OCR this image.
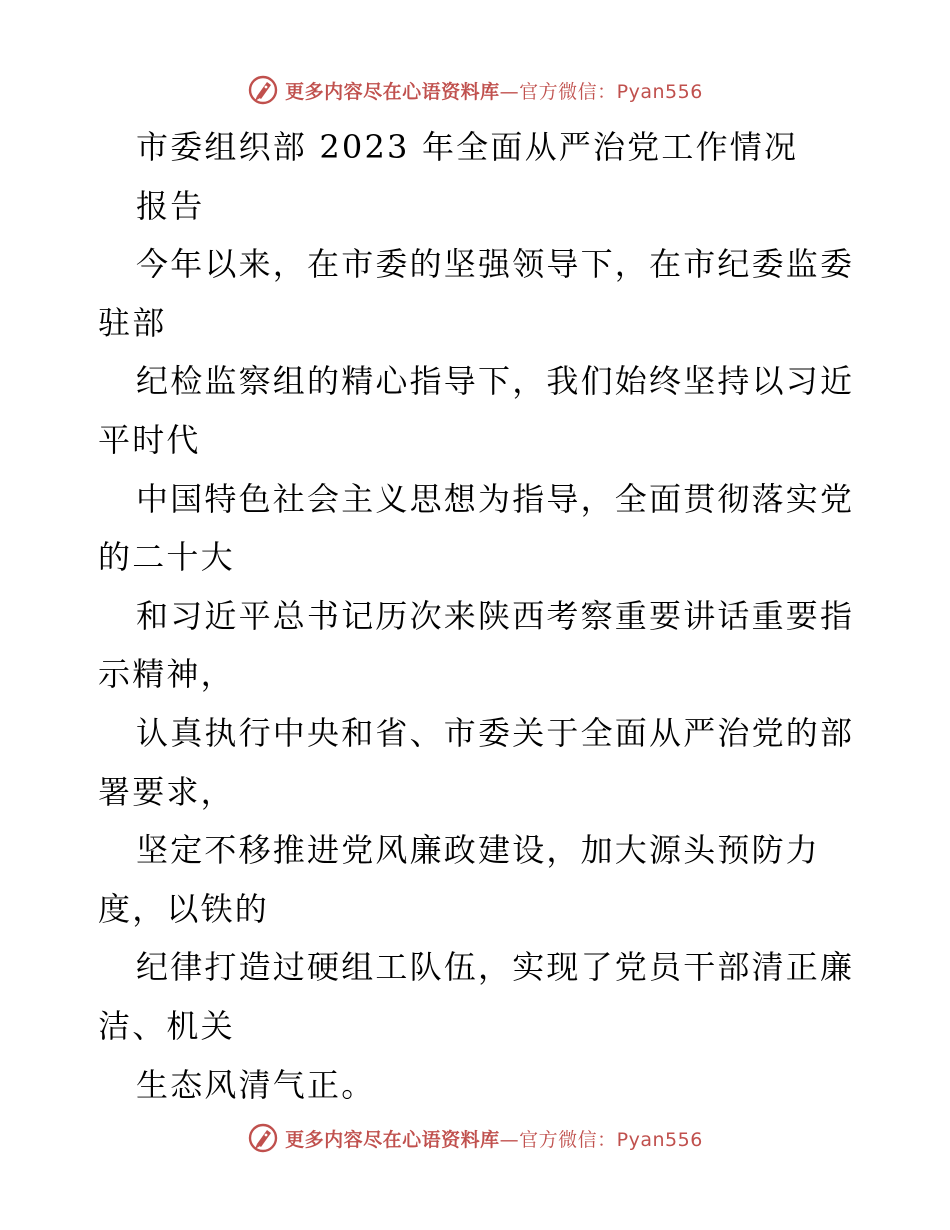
更多内容尽在心语资料库—官方微信：Pyan556
市委组织部 2023 年全面从严治党工作情况
报告
今年以来，在市委的坚强领导下，在市纪委监委
驻部
纪检监察组的精心指导下，我们始终坚持以习近
平时代
中国特色社会主义思想为指导，全面贯彻落实党
的二十大
和习近平总书记历次来陕西考察重要讲话重要指
示精神，
认真执行中央和省、市委关于全面从严治党的部
署要求，
坚定不移推进党风廉政建设，加大源头预防力
度，以铁的
纪律打造过硬组工队伍，实现了党员干部清正廉
洁、机关
生态风清气正。
更多内容尽在心语资料库—官方微信：Pyan556
